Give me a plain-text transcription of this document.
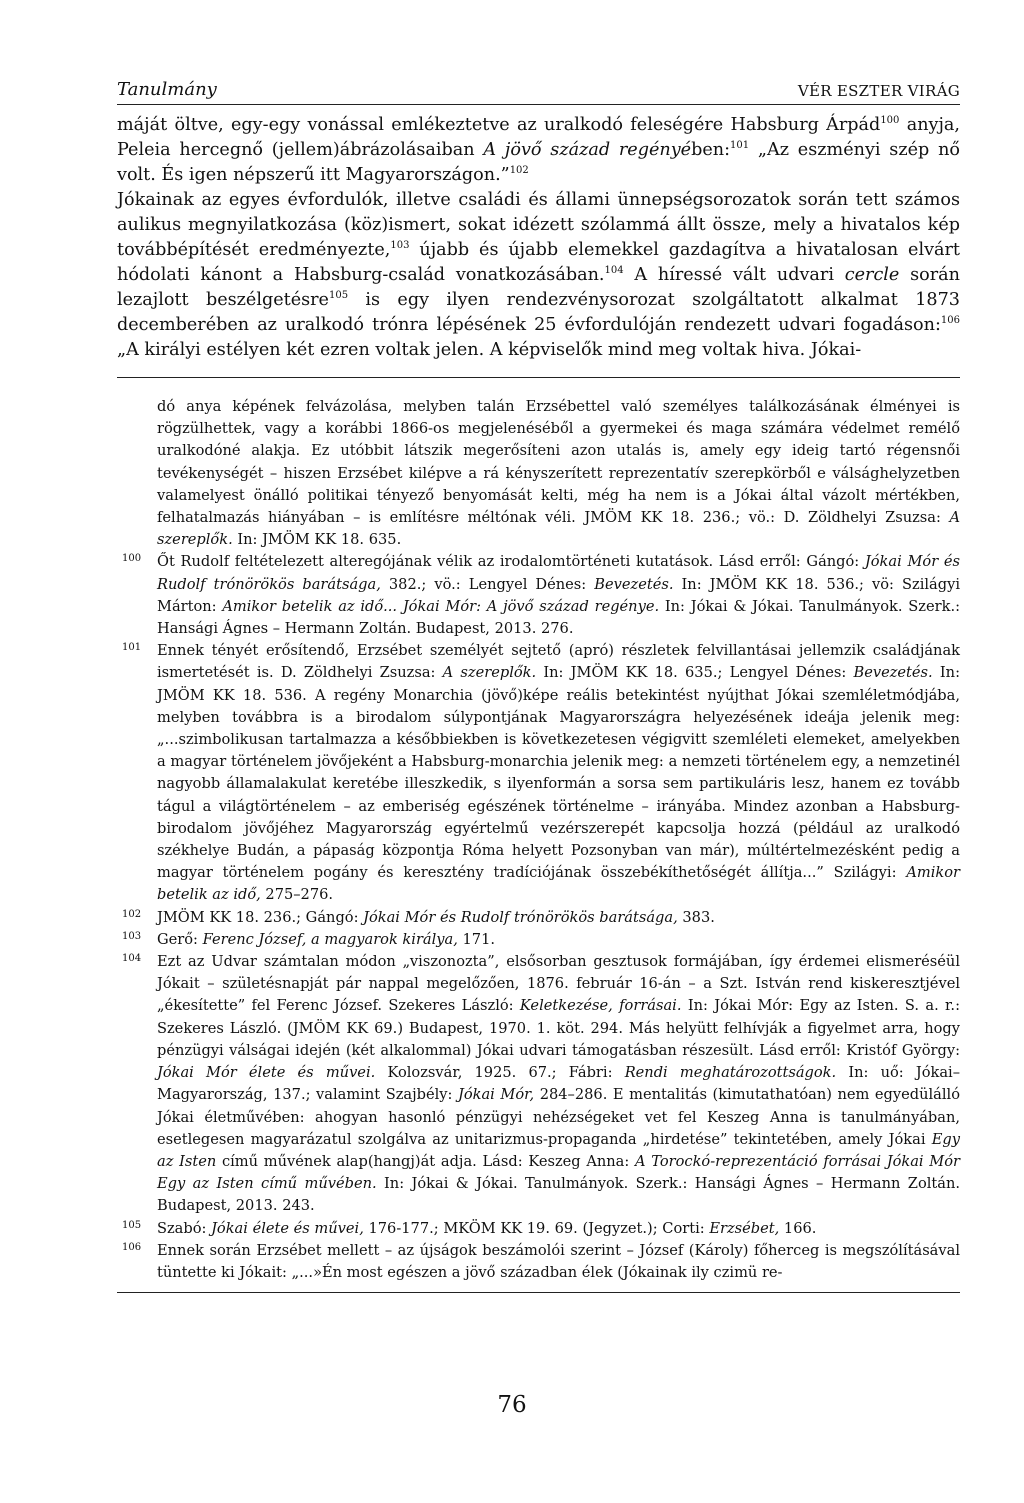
Tanulmány	VÉR ESZTER VIRÁG

máját öltve, egy-egy vonással emlékeztetve az uralkodó feleségére Habsburg Árpád$^{100}$ anyja, Peleia hercegnő (jellem)ábrázolásaiban A jövő század regényében:$^{101}$ „Az eszményi szép nő volt. És igen népszerű itt Magyarországon.”$^{102}$

Jókainak az egyes évfordulók, illetve családi és állami ünnepségsorozatok során tett számos aulikus megnyilatkozása (köz)ismert, sokat idézett szólammá állt össze, mely a hivatalos kép továbbépítését eredményezte,$^{103}$ újabb és újabb elemekkel gazdagítva a hivatalosan elvárt hódolati kánont a Habsburg-család vonatkozásában.$^{104}$ A híressé vált udvari cercle során lezajlott beszélgetésre$^{105}$ is egy ilyen rendezvénysorozat szolgáltatott alkalmat 1873 decemberében az uralkodó trónra lépésének 25 évfordulóján rendezett udvari fogadáson:$^{106}$ „A királyi estélyen két ezren voltak jelen. A képviselők mind meg voltak hiva. Jókai-

dó anya képének felvázolása, melyben talán Erzsébettel való személyes találkozásának élményei is rögzülhettek, vagy a korábbi 1866-os megjelenéséből a gyermekei és maga számára védelmet remélő uralkodóné alakja. Ez utóbbit látszik megerősíteni azon utalás is, amely egy ideig tartó régensnői tevékenységét – hiszen Erzsébet kilépve a rá kényszerített reprezentatív szerepkörből e válsághelyzetben valamelyest önálló politikai tényező benyomását kelti, még ha nem is a Jókai által vázolt mértékben, felhatalmazás hiányában – is említésre méltónak véli. JMÖM KK 18. 236.; vö.: D. Zöldhelyi Zsuzsa: A szereplők. In: JMÖM KK 18. 635.
100 Őt Rudolf feltételezett alteregójának vélik az irodalomtörténeti kutatások. Lásd erről: Gángó: Jókai Mór és Rudolf trónörökös barátsága, 382.; vö.: Lengyel Dénes: Bevezetés. In: JMÖM KK 18. 536.; vö: Szilágyi Márton: Amikor betelik az idő... Jókai Mór: A jövő század regénye. In: Jókai & Jókai. Tanulmányok. Szerk.: Hansági Ágnes – Hermann Zoltán. Budapest, 2013. 276.
101 Ennek tényét erősítendő, Erzsébet személyét sejtető (apró) részletek felvillantásai jellemzik családjának ismertetését is. D. Zöldhelyi Zsuzsa: A szereplők. In: JMÖM KK 18. 635.; Lengyel Dénes: Bevezetés. In: JMÖM KK 18. 536. A regény Monarchia (jövő)képe reális betekintést nyújthat Jókai szemléletmódjába, melyben továbbra is a birodalom súlypontjának Magyarországra helyezésének ideája jelenik meg: „...szimbolikusan tartalmazza a későbbiekben is következetesen végigvitt szemléleti elemeket, amelyekben a magyar történelem jövőjeként a Habsburg-monarchia jelenik meg: a nemzeti történelem egy, a nemzetinél nagyobb államalakulat keretébe illeszkedik, s ilyenformán a sorsa sem partikuláris lesz, hanem ez tovább tágul a világtörténelem – az emberiség egészének történelme – irányába. Mindez azonban a Habsburg-birodalom jövőjéhez Magyarország egyértelmű vezérszerepét kapcsolja hozzá (például az uralkodó székhelye Budán, a pápaság központja Róma helyett Pozsonyban van már), múltértelmezésként pedig a magyar történelem pogány és keresztény tradíciójának összebékíthetőségét állítja...” Szilágyi: Amikor betelik az idő, 275–276.
102 JMÖM KK 18. 236.; Gángó: Jókai Mór és Rudolf trónörökös barátsága, 383.
103 Gerő: Ferenc József, a magyarok királya, 171.
104 Ezt az Udvar számtalan módon „viszonozta”, elsősorban gesztusok formájában, így érdemei elismeréséül Jókait – születésnapját pár nappal megelőzően, 1876. február 16-án – a Szt. István rend kiskeresztjével „ékesítette” fel Ferenc József. Szekeres László: Keletkezése, forrásai. In: Jókai Mór: Egy az Isten. S. a. r.: Szekeres László. (JMÖM KK 69.) Budapest, 1970. 1. köt. 294. Más helyütt felhívják a figyelmet arra, hogy pénzügyi válságai idején (két alkalommal) Jókai udvari támogatásban részesült. Lásd erről: Kristóf György: Jókai Mór élete és művei. Kolozsvár, 1925. 67.; Fábri: Rendi meghatározottságok. In: uő: Jókai–Magyarország, 137.; valamint Szajbély: Jókai Mór, 284–286. E mentalitás (kimutathatóan) nem egyedülálló Jókai életművében: ahogyan hasonló pénzügyi nehézségeket vet fel Keszeg Anna is tanulmányában, esetlegesen magyarázatul szolgálva az unitarizmus-propaganda „hirdetése” tekintetében, amely Jókai Egy az Isten című művének alap(hangj)át adja. Lásd: Keszeg Anna: A Torockó-reprezentáció forrásai Jókai Mór Egy az Isten című művében. In: Jókai & Jókai. Tanulmányok. Szerk.: Hansági Ágnes – Hermann Zoltán. Budapest, 2013. 243.
105 Szabó: Jókai élete és művei, 176-177.; MKÖM KK 19. 69. (Jegyzet.); Corti: Erzsébet, 166.
106 Ennek során Erzsébet mellett – az újságok beszámolói szerint – József (Károly) főherceg is megszólításával tüntette ki Jókait: „...»Én most egészen a jövő században élek (Jókainak ily czimü re-
76
